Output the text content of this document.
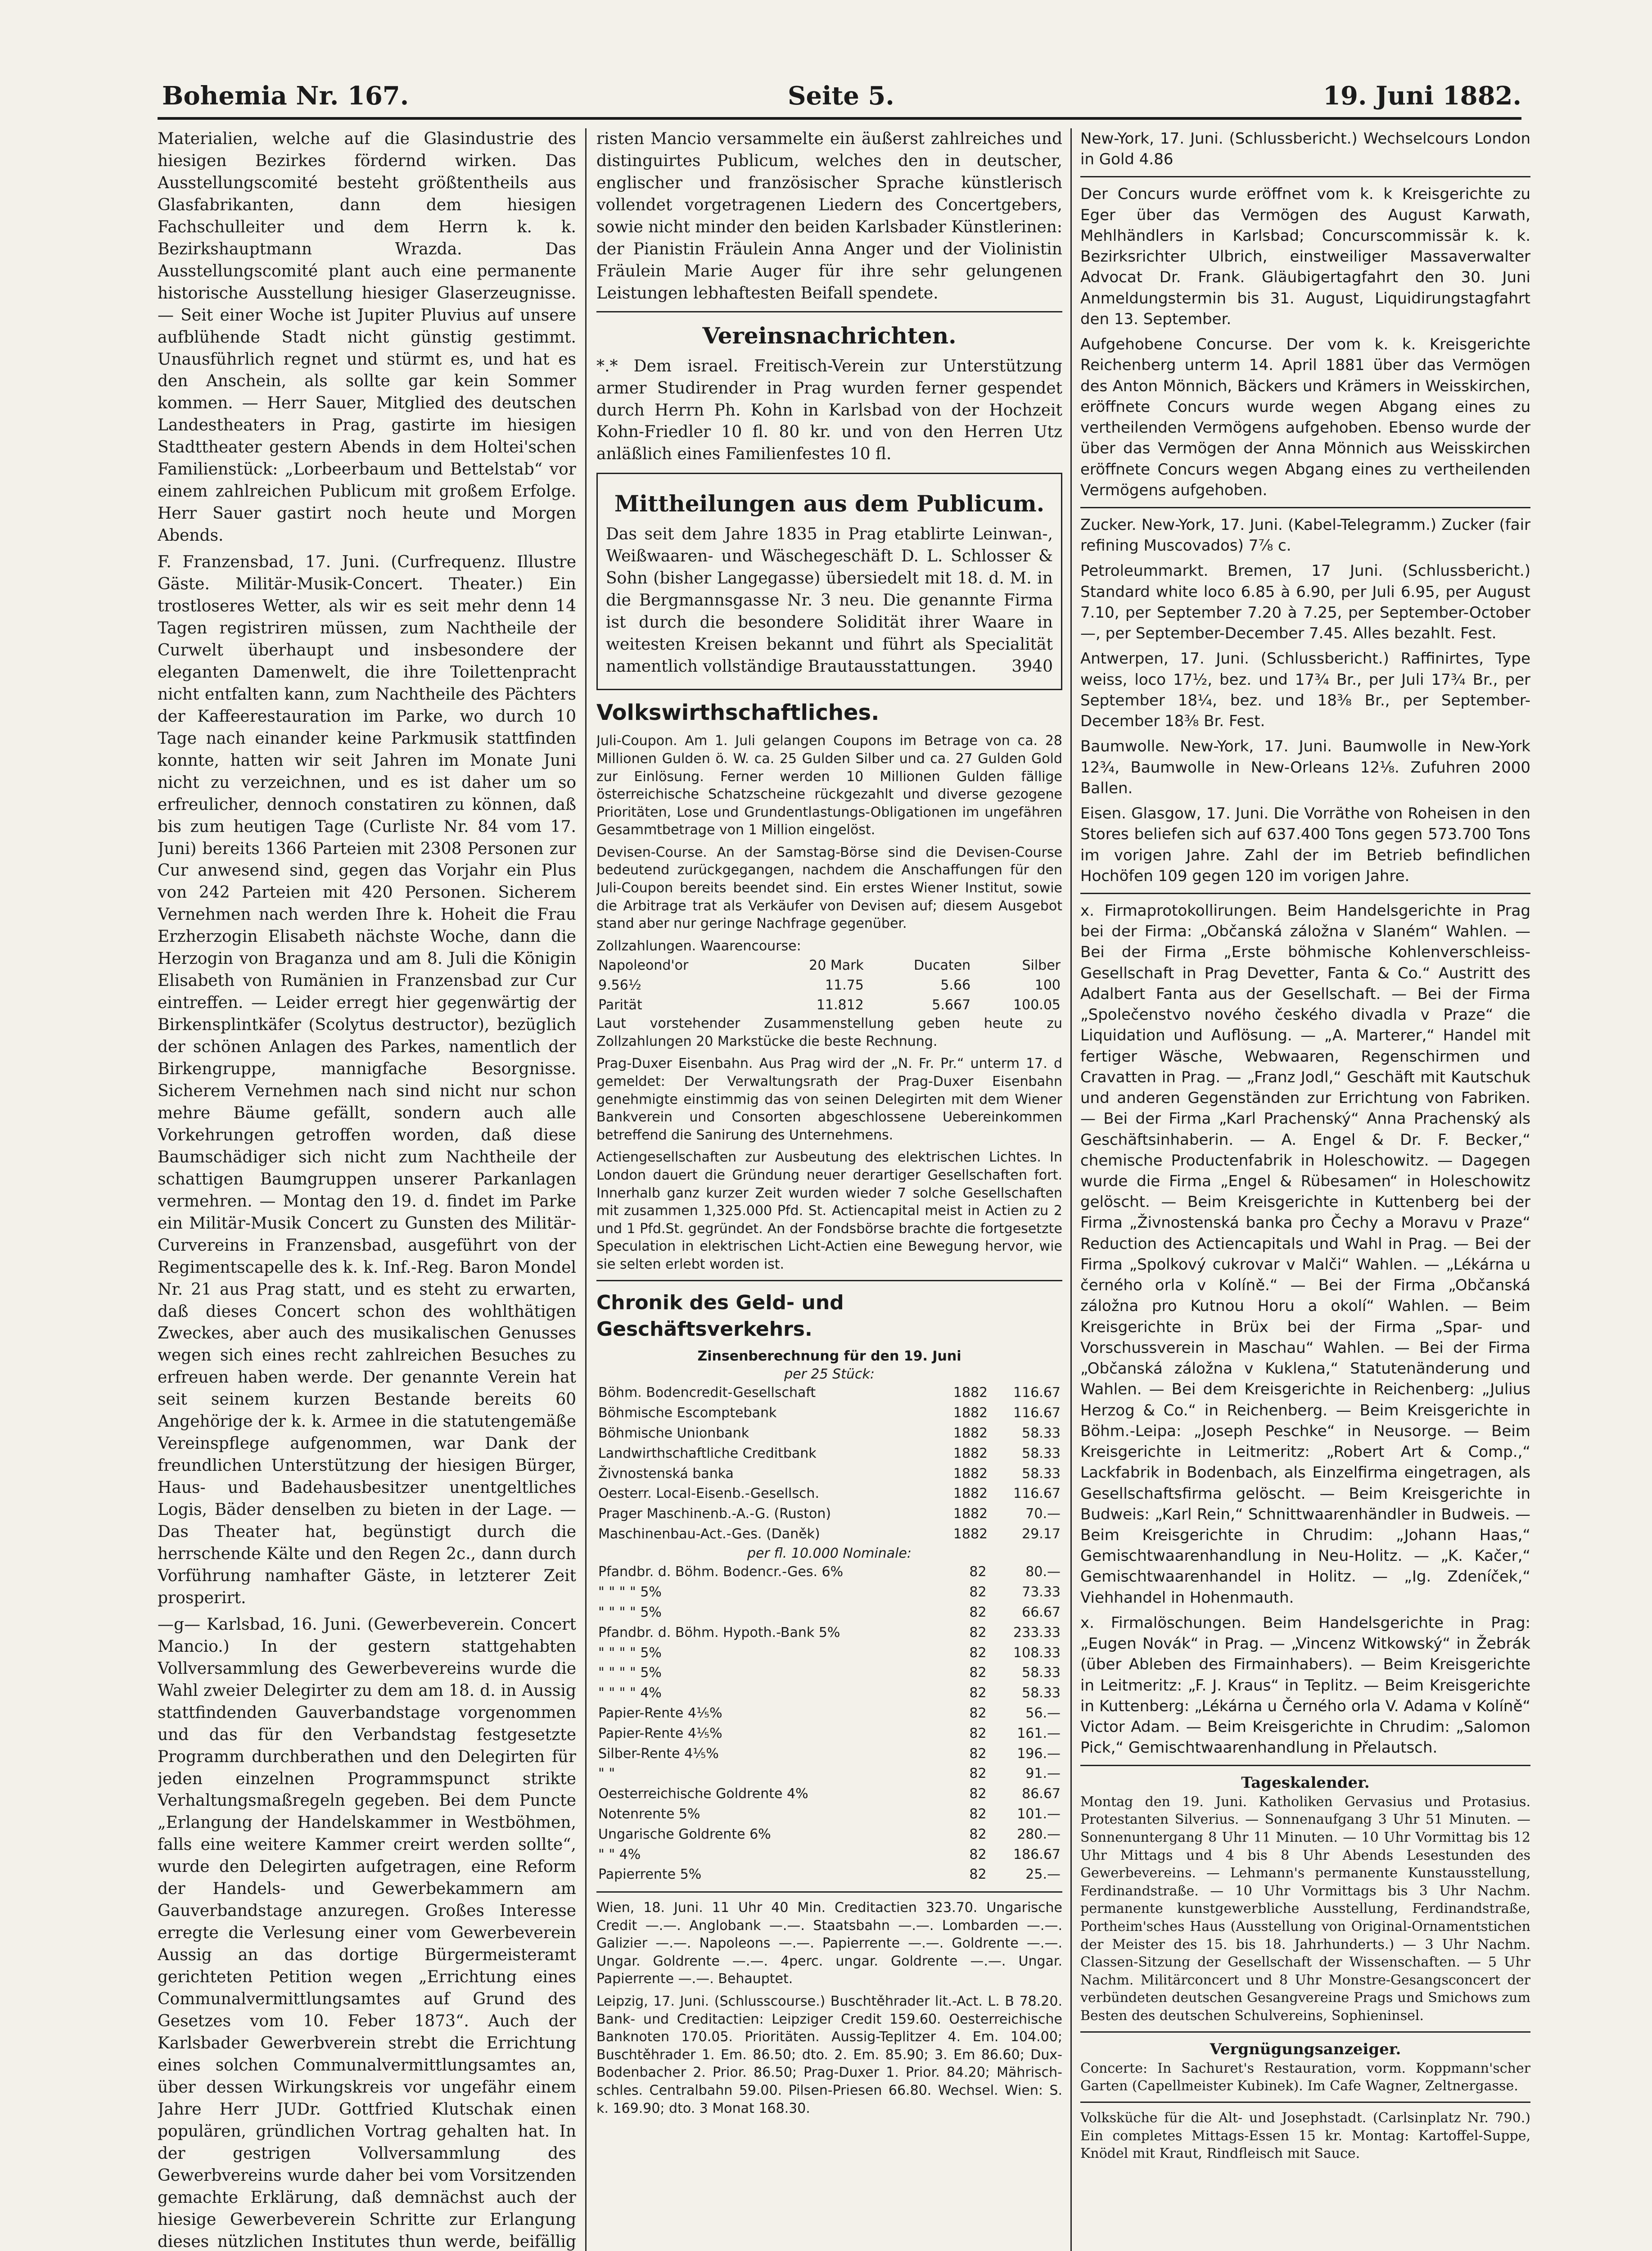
Bohemia Nr. 167.	Seite 5.	19. Juni 1882.

Materialien, welche auf die Glasindustrie des hiesigen Bezirkes fördernd wirken. Das Ausstellungscomité besteht größtentheils aus Glasfabrikanten, dann dem hiesigen Fachschulleiter und dem Herrn k. k. Bezirkshauptmann Wrazda. Das Ausstellungscomité plant auch eine permanente historische Ausstellung hiesiger Glaserzeugnisse. — Seit einer Woche ist Jupiter Pluvius auf unsere aufblühende Stadt nicht günstig gestimmt. Unausführlich regnet und stürmt es, und hat es den Anschein, als sollte gar kein Sommer kommen. — Herr Sauer, Mitglied des deutschen Landestheaters in Prag, gastirte im hiesigen Stadttheater gestern Abends in dem Holtei'schen Familienstück: „Lorbeerbaum und Bettelstab“ vor einem zahlreichen Publicum mit großem Erfolge. Herr Sauer gastirt noch heute und Morgen Abends.

F. Franzensbad, 17. Juni. (Curfrequenz. Illustre Gäste. Militär-Musik-Concert. Theater.) Ein trostloseres Wetter, als wir es seit mehr denn 14 Tagen registriren müssen, zum Nachtheile der Curwelt überhaupt und insbesondere der eleganten Damenwelt, die ihre Toilettenpracht nicht entfalten kann, zum Nachtheile des Pächters der Kaffeerestauration im Parke, wo durch 10 Tage nach einander keine Parkmusik stattfinden konnte, hatten wir seit Jahren im Monate Juni nicht zu verzeichnen, und es ist daher um so erfreulicher, dennoch constatiren zu können, daß bis zum heutigen Tage (Curliste Nr. 84 vom 17. Juni) bereits 1366 Parteien mit 2308 Personen zur Cur anwesend sind, gegen das Vorjahr ein Plus von 242 Parteien mit 420 Personen. Sicherem Vernehmen nach werden Ihre k. Hoheit die Frau Erzherzogin Elisabeth nächste Woche, dann die Herzogin von Braganza und am 8. Juli die Königin Elisabeth von Rumänien in Franzensbad zur Cur eintreffen. — Leider erregt hier gegenwärtig der Birkensplintkäfer (Scolytus destructor), bezüglich der schönen Anlagen des Parkes, namentlich der Birkengruppe, mannigfache Besorgnisse. Sicherem Vernehmen nach sind nicht nur schon mehre Bäume gefällt, sondern auch alle Vorkehrungen getroffen worden, daß diese Baumschädiger sich nicht zum Nachtheile der schattigen Baumgruppen unserer Parkanlagen vermehren. — Montag den 19. d. findet im Parke ein Militär-Musik Concert zu Gunsten des Militär-Curvereins in Franzensbad, ausgeführt von der Regimentscapelle des k. k. Inf.-Reg. Baron Mondel Nr. 21 aus Prag statt, und es steht zu erwarten, daß dieses Concert schon des wohlthätigen Zweckes, aber auch des musikalischen Genusses wegen sich eines recht zahlreichen Besuches zu erfreuen haben werde. Der genannte Verein hat seit seinem kurzen Bestande bereits 60 Angehörige der k. k. Armee in die statutengemäße Vereinspflege aufgenommen, war Dank der freundlichen Unterstützung der hiesigen Bürger, Haus- und Badehausbesitzer unentgeltliches Logis, Bäder denselben zu bieten in der Lage. — Das Theater hat, begünstigt durch die herrschende Kälte und den Regen 2c., dann durch Vorführung namhafter Gäste, in letzterer Zeit prosperirt.

—g— Karlsbad, 16. Juni. (Gewerbeverein. Concert Mancio.) In der gestern stattgehabten Vollversammlung des Gewerbevereins wurde die Wahl zweier Delegirter zu dem am 18. d. in Aussig stattfindenden Gauverbandstage vorgenommen und das für den Verbandstag festgesetzte Programm durchberathen und den Delegirten für jeden einzelnen Programmspunct strikte Verhaltungsmaßregeln gegeben. Bei dem Puncte „Erlangung der Handelskammer in Westböhmen, falls eine weitere Kammer creirt werden sollte“, wurde den Delegirten aufgetragen, eine Reform der Handels- und Gewerbekammern am Gauverbandstage anzuregen. Großes Interesse erregte die Verlesung einer vom Gewerbeverein Aussig an das dortige Bürgermeisteramt gerichteten Petition wegen „Errichtung eines Communalvermittlungsamtes auf Grund des Gesetzes vom 10. Feber 1873“. Auch der Karlsbader Gewerbverein strebt die Errichtung eines solchen Communalvermittlungsamtes an, über dessen Wirkungskreis vor ungefähr einem Jahre Herr JUDr. Gottfried Klutschak einen populären, gründlichen Vortrag gehalten hat. In der gestrigen Vollversammlung des Gewerbvereins wurde daher bei vom Vorsitzenden gemachte Erklärung, daß demnächst auch der hiesige Gewerbeverein Schritte zur Erlangung dieses nützlichen Institutes thun werde, beifällig

risten Mancio versammelte ein äußerst zahlreiches und distinguirtes Publicum, welches den in deutscher, englischer und französischer Sprache künstlerisch vollendet vorgetragenen Liedern des Concertgebers, sowie nicht minder den beiden Karlsbader Künstlerinen: der Pianistin Fräulein Anna Anger und der Violinistin Fräulein Marie Auger für ihre sehr gelungenen Leistungen lebhaftesten Beifall spendete.

Vereinsnachrichten.

*.* Dem israel. Freitisch-Verein zur Unterstützung armer Studirender in Prag wurden ferner gespendet durch Herrn Ph. Kohn in Karlsbad von der Hochzeit Kohn-Friedler 10 fl. 80 kr. und von den Herren Utz anläßlich eines Familienfestes 10 fl.

Mittheilungen aus dem Publicum.

Das seit dem Jahre 1835 in Prag etablirte Leinwan-, Weißwaaren- und Wäschegeschäft D. L. Schlosser & Sohn (bisher Langegasse) übersiedelt mit 18. d. M. in die Bergmannsgasse Nr. 3 neu. Die genannte Firma ist durch die besondere Solidität ihrer Waare in weitesten Kreisen bekannt und führt als Specialität namentlich vollständige Brautausstattungen. 3940

Volkswirthschaftliches.

Juli-Coupon. Am 1. Juli gelangen Coupons im Betrage von ca. 28 Millionen Gulden ö. W. ca. 25 Gulden Silber und ca. 27 Gulden Gold zur Einlösung. Ferner werden 10 Millionen Gulden fällige österreichische Schatzscheine rückgezahlt und diverse gezogene Prioritäten, Lose und Grundentlastungs-Obligationen im ungefähren Gesammtbetrage von 1 Million eingelöst.

Devisen-Course. An der Samstag-Börse sind die Devisen-Course bedeutend zurückgegangen, nachdem die Anschaffungen für den Juli-Coupon bereits beendet sind. Ein erstes Wiener Institut, sowie die Arbitrage trat als Verkäufer von Devisen auf; diesem Ausgebot stand aber nur geringe Nachfrage gegenüber.

Zollzahlungen. Waarencourse:

Napoleond'or	20 Mark	Ducaten	Silber
9.56½	11.75	5.66	100
Parität	11.812	5.667	100.05

Laut vorstehender Zusammenstellung geben heute zu Zollzahlungen 20 Markstücke die beste Rechnung.

Prag-Duxer Eisenbahn. Aus Prag wird der „N. Fr. Pr.“ unterm 17. d gemeldet: Der Verwaltungsrath der Prag-Duxer Eisenbahn genehmigte einstimmig das von seinen Delegirten mit dem Wiener Bankverein und Consorten abgeschlossene Uebereinkommen betreffend die Sanirung des Unternehmens.

Actiengesellschaften zur Ausbeutung des elektrischen Lichtes. In London dauert die Gründung neuer derartiger Gesellschaften fort. Innerhalb ganz kurzer Zeit wurden wieder 7 solche Gesellschaften mit zusammen 1,325.000 Pfd. St. Actiencapital meist in Actien zu 2 und 1 Pfd.St. gegründet. An der Fondsbörse brachte die fortgesetzte Speculation in elektrischen Licht-Actien eine Bewegung hervor, wie sie selten erlebt worden ist.

Chronik des Geld- und Geschäftsverkehrs.
Zinsenberechnung für den 19. Juni
per 25 Stück:
Böhm. Bodencredit-Gesellschaft	1882	116.67
Böhmische Escomptebank	1882	116.67
Böhmische Unionbank	1882	58.33
Landwirthschaftliche Creditbank	1882	58.33
Živnostenská banka	1882	58.33
Oesterr. Local-Eisenb.-Gesellsch.	1882	116.67
Prager Maschinenb.-A.-G. (Ruston)	1882	70.—
Maschinenbau-Act.-Ges. (Daněk)	1882	29.17
per fl. 10.000 Nominale:
Pfandbr. d. Böhm. Bodencr.-Ges. 6%	82	80.—
" " " " 5%	82	73.33
" " " " 5%	82	66.67
Pfandbr. d. Böhm. Hypoth.-Bank 5%	82	233.33
" " " " 5%	82	108.33
" " " " 5%	82	58.33
" " " " 4%	82	58.33
Papier-Rente 4⅕%	82	56.—
Papier-Rente 4⅕%	82	161.—
Silber-Rente 4⅕%	82	196.—
" "	82	91.—
Oesterreichische Goldrente 4%	82	86.67
Notenrente 5%	82	101.—
Ungarische Goldrente 6%	82	280.—
" " 4%	82	186.67
Papierrente 5%	82	25.—

Wien, 18. Juni. 11 Uhr 40 Min. Creditactien 323.70. Ungarische Credit —.—. Anglobank —.—. Staatsbahn —.—. Lombarden —.—. Galizier —.—. Napoleons —.—. Papierrente —.—. Goldrente —.—. Ungar. Goldrente —.—. 4perc. ungar. Goldrente —.—. Ungar. Papierrente —.—. Behauptet.

Leipzig, 17. Juni. (Schlusscourse.) Buschtěhrader lit.-Act. L. B 78.20. Bank- und Creditactien: Leipziger Credit 159.60. Oesterreichische Banknoten 170.05. Prioritäten. Aussig-Teplitzer 4. Em. 104.00; Buschtěhrader 1. Em. 86.50; dto. 2. Em. 85.90; 3. Em 86.60; Dux-Bodenbacher 2. Prior. 86.50; Prag-Duxer 1. Prior. 84.20; Mährisch-schles. Centralbahn 59.00. Pilsen-Priesen 66.80. Wechsel. Wien: S. k. 169.90; dto. 3 Monat 168.30.

New-York, 17. Juni. (Schlussbericht.) Wechselcours London in Gold 4.86

Der Concurs wurde eröffnet vom k. k Kreisgerichte zu Eger über das Vermögen des August Karwath, Mehlhändlers in Karlsbad; Concurscommissär k. k. Bezirksrichter Ulbrich, einstweiliger Massaverwalter Advocat Dr. Frank. Gläubigertagfahrt den 30. Juni Anmeldungstermin bis 31. August, Liquidirungstagfahrt den 13. September.

Aufgehobene Concurse. Der vom k. k. Kreisgerichte Reichenberg unterm 14. April 1881 über das Vermögen des Anton Mönnich, Bäckers und Krämers in Weisskirchen, eröffnete Concurs wurde wegen Abgang eines zu vertheilenden Vermögens aufgehoben. Ebenso wurde der über das Vermögen der Anna Mönnich aus Weisskirchen eröffnete Concurs wegen Abgang eines zu vertheilenden Vermögens aufgehoben.

Zucker. New-York, 17. Juni. (Kabel-Telegramm.) Zucker (fair refining Muscovados) 7⅞ c.

Petroleummarkt. Bremen, 17 Juni. (Schlussbericht.) Standard white loco 6.85 à 6.90, per Juli 6.95, per August 7.10, per September 7.20 à 7.25, per September-October —, per September-December 7.45. Alles bezahlt. Fest.

Antwerpen, 17. Juni. (Schlussbericht.) Raffinirtes, Type weiss, loco 17½, bez. und 17¾ Br., per Juli 17¾ Br., per September 18¼, bez. und 18⅜ Br., per September-December 18⅜ Br. Fest.

Baumwolle. New-York, 17. Juni. Baumwolle in New-York 12¾, Baumwolle in New-Orleans 12⅛. Zufuhren 2000 Ballen.

Eisen. Glasgow, 17. Juni. Die Vorräthe von Roheisen in den Stores beliefen sich auf 637.400 Tons gegen 573.700 Tons im vorigen Jahre. Zahl der im Betrieb befindlichen Hochöfen 109 gegen 120 im vorigen Jahre.

x. Firmaprotokollirungen. Beim Handelsgerichte in Prag bei der Firma: „Občanská záložna v Slaném“ Wahlen. — Bei der Firma „Erste böhmische Kohlenverschleiss-Gesellschaft in Prag Devetter, Fanta & Co.“ Austritt des Adalbert Fanta aus der Gesellschaft. — Bei der Firma „Společenstvo nového českého divadla v Praze“ die Liquidation und Auflösung. — „A. Marterer,“ Handel mit fertiger Wäsche, Webwaaren, Regenschirmen und Cravatten in Prag. — „Franz Jodl,“ Geschäft mit Kautschuk und anderen Gegenständen zur Errichtung von Fabriken. — Bei der Firma „Karl Prachenský“ Anna Prachenský als Geschäftsinhaberin. — A. Engel & Dr. F. Becker,“ chemische Productenfabrik in Holeschowitz. — Dagegen wurde die Firma „Engel & Rübesamen“ in Holeschowitz gelöscht. — Beim Kreisgerichte in Kuttenberg bei der Firma „Živnostenská banka pro Čechy a Moravu v Praze“ Reduction des Actiencapitals und Wahl in Prag. — Bei der Firma „Spolkový cukrovar v Malči“ Wahlen. — „Lékárna u černého orla v Kolíně.“ — Bei der Firma „Občanská záložna pro Kutnou Horu a okolí“ Wahlen. — Beim Kreisgerichte in Brüx bei der Firma „Spar- und Vorschussverein in Maschau“ Wahlen. — Bei der Firma „Občanská záložna v Kuklena,“ Statutenänderung und Wahlen. — Bei dem Kreisgerichte in Reichenberg: „Julius Herzog & Co.“ in Reichenberg. — Beim Kreisgerichte in Böhm.-Leipa: „Joseph Peschke“ in Neusorge. — Beim Kreisgerichte in Leitmeritz: „Robert Art & Comp.,“ Lackfabrik in Bodenbach, als Einzelfirma eingetragen, als Gesellschaftsfirma gelöscht. — Beim Kreisgerichte in Budweis: „Karl Rein,“ Schnittwaarenhändler in Budweis. — Beim Kreisgerichte in Chrudim: „Johann Haas,“ Gemischtwaarenhandlung in Neu-Holitz. — „K. Kačer,“ Gemischtwaarenhandel in Holitz. — „Ig. Zdeníček,“ Viehhandel in Hohenmauth.

x. Firmalöschungen. Beim Handelsgerichte in Prag: „Eugen Novák“ in Prag. — „Vincenz Witkowský“ in Žebrák (über Ableben des Firmainhabers). — Beim Kreisgerichte in Leitmeritz: „F. J. Kraus“ in Teplitz. — Beim Kreisgerichte in Kuttenberg: „Lékárna u Černého orla V. Adama v Kolíně“ Victor Adam. — Beim Kreisgerichte in Chrudim: „Salomon Pick,“ Gemischtwaarenhandlung in Přelautsch.

Tageskalender.

Montag den 19. Juni. Katholiken Gervasius und Protasius. Protestanten Silverius. — Sonnenaufgang 3 Uhr 51 Minuten. — Sonnenuntergang 8 Uhr 11 Minuten. — 10 Uhr Vormittag bis 12 Uhr Mittags und 4 bis 8 Uhr Abends Lesestunden des Gewerbevereins. — Lehmann's permanente Kunstausstellung, Ferdinandstraße. — 10 Uhr Vormittags bis 3 Uhr Nachm. permanente kunstgewerbliche Ausstellung, Ferdinandstraße, Portheim'sches Haus (Ausstellung von Original-Ornamentstichen der Meister des 15. bis 18. Jahrhunderts.) — 3 Uhr Nachm. Classen-Sitzung der Gesellschaft der Wissenschaften. — 5 Uhr Nachm. Militärconcert und 8 Uhr Monstre-Gesangsconcert der verbündeten deutschen Gesangvereine Prags und Smichows zum Besten des deutschen Schulvereins, Sophieninsel.

Vergnügungsanzeiger.

Concerte: In Sachuret's Restauration, vorm. Koppmann'scher Garten (Capellmeister Kubinek). Im Cafe Wagner, Zeltnergasse.

Volksküche für die Alt- und Josephstadt. (Carlsinplatz Nr. 790.) Ein completes Mittags-Essen 15 kr. Montag: Kartoffel-Suppe, Knödel mit Kraut, Rindfleisch mit Sauce.
